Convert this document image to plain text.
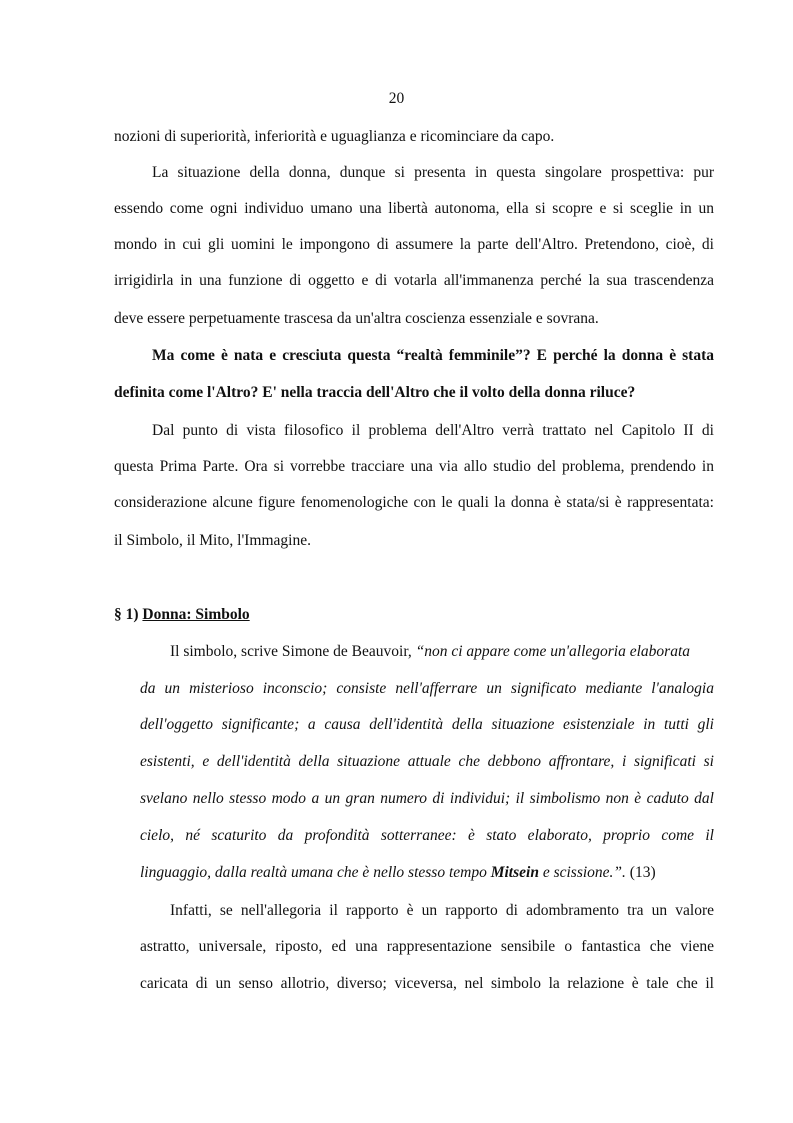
20
nozioni di superiorità, inferiorità e uguaglianza e ricominciare da capo.
La situazione della donna, dunque si presenta in questa singolare prospettiva: pur
essendo come ogni individuo umano una libertà autonoma, ella si scopre e si sceglie in un
mondo in cui gli uomini le impongono di assumere la parte dell'Altro. Pretendono, cioè, di
irrigidirla in una funzione di oggetto e di votarla all'immanenza perché la sua trascendenza
deve essere perpetuamente trascesa da un'altra coscienza essenziale e sovrana.
Ma come è nata e cresciuta questa “realtà femminile”? E perché la donna è stata
definita come l'Altro? E' nella traccia dell'Altro che il volto della donna riluce?
Dal punto di vista filosofico il problema dell'Altro verrà trattato nel Capitolo II di
questa Prima Parte. Ora si vorrebbe tracciare una via allo studio del problema, prendendo in
considerazione alcune figure fenomenologiche con le quali la donna è stata/si è rappresentata:
il Simbolo, il Mito, l'Immagine.
§ 1) Donna: Simbolo
Il simbolo, scrive Simone de Beauvoir, “non ci appare come un'allegoria elaborata
da un misterioso inconscio; consiste nell'afferrare un significato mediante l'analogia
dell'oggetto significante; a causa dell'identità della situazione esistenziale in tutti gli
esistenti, e dell'identità della situazione attuale che debbono affrontare, i significati si
svelano nello stesso modo a un gran numero di individui; il simbolismo non è caduto dal
cielo, né scaturito da profondità sotterranee: è stato elaborato, proprio come il
linguaggio, dalla realtà umana che è nello stesso tempo Mitsein e scissione.”. (13)
Infatti, se nell'allegoria il rapporto è un rapporto di adombramento tra un valore
astratto, universale, riposto, ed una rappresentazione sensibile o fantastica che viene
caricata di un senso allotrio, diverso; viceversa, nel simbolo la relazione è tale che il
